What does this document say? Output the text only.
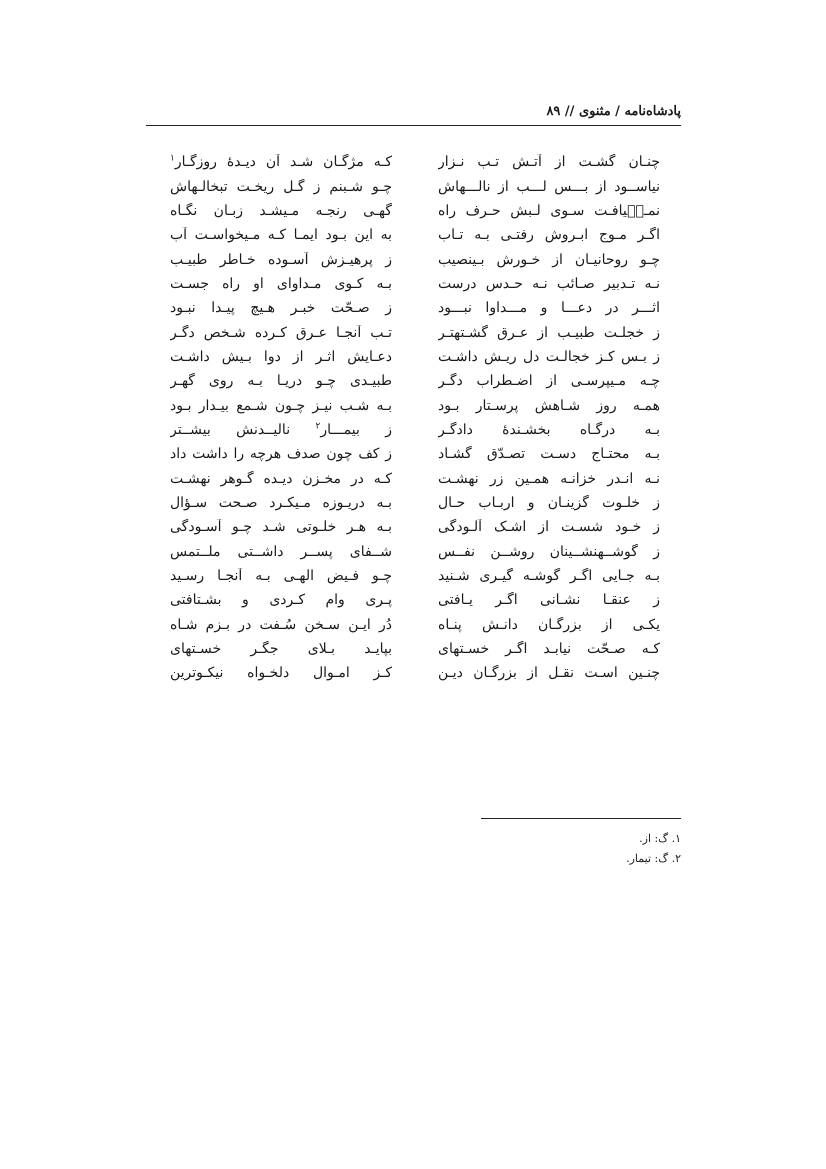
پادشاه‌نامه / مثنوی // ۸۹
چنـان گشـت از آتـش تـب نـزار
کـه مژگـان شـد آن دیـدهٔ روزگـار$^۱$
نیاســود از بـــس لـــب از نالـــهاش
چـو شـبنم ز گـل ریخـت تبخالـهاش
نمـیٖیافـت سـوی لـبش حـرف راه
گهـی رنجـه مـیشـد زبـان نگـاه
اگـر مـوج ابـروش رفتـی بـه تـاب
به این بـود ایمـا کـه مـیخواسـت آب
چـو روحانیـان از خـورش بـینصیب
ز پرهیـزش آسـوده خـاطر طبیـب
نـه تـدبیر صـائب نـه حـدس درست
بـه کـوی مـداوای او راه جسـت
اثـــر در دعـــا و مـــداوا نبـــود
ز صـحّت خبـر هـیچ پیـدا نبـود
ز خجلـت طبیـب از عـرق گشـتهتـر
تـب آنجـا عـرق کـرده شـخص دگـر
ز بـس کـز خجالـت دل ریـش داشـت
دعـایش اثـر از دوا بـیش داشـت
چـه مـیپرسـی از اضـطراب دگـر
طبیـدی چـو دریـا بـه روی گهـر
همـه روز شـاهش پرسـتار بـود
بـه شـب نیـز چـون شـمع بیـدار بـود
بـه درگـاه بخشـندهٔ دادگـر
ز بیمـــار$^۲$ نالیــدنش بیشــتر
بـه محتـاج دسـت تصـدّق گشـاد
ز کف چون صدف هرچه را داشت داد
نـه انـدر خزانـه همـین زر نهشـت
کـه در مخـزن دیـده گـوهر نهشـت
ز خلـوت گزینـان و اربـاب حـال
بـه دریـوزه مـیکـرد صـحت سـؤال
ز خـود شسـت از اشـک آلـودگی
بـه هـر خلـوتی شـد چـو آسـودگی
ز گوشــهنشــینان روشــن نفــس
شــفای پســر داشــتی ملــتمس
بـه جـایی اگـر گوشـه گیـری شـنید
چـو فـیض الهـی بـه آنجـا رسـید
ز عنقـا نشـانی اگـر یـافتی
پـری وام کـردی و بشـتافتی
یکـی از بزرگـان دانـش پنـاه
دُر ایـن سـخن سُـفت در بـزم شـاه
کـه صـحّت نیابـد اگـر خسـتهای
بپایـد بـلای جگـر خسـتهای
چنـین اسـت نقـل از بزرگـان دیـن
کـز امـوال دلخـواه نیکـوترین
۱. گ: از.
۲. گ: تیمار.
